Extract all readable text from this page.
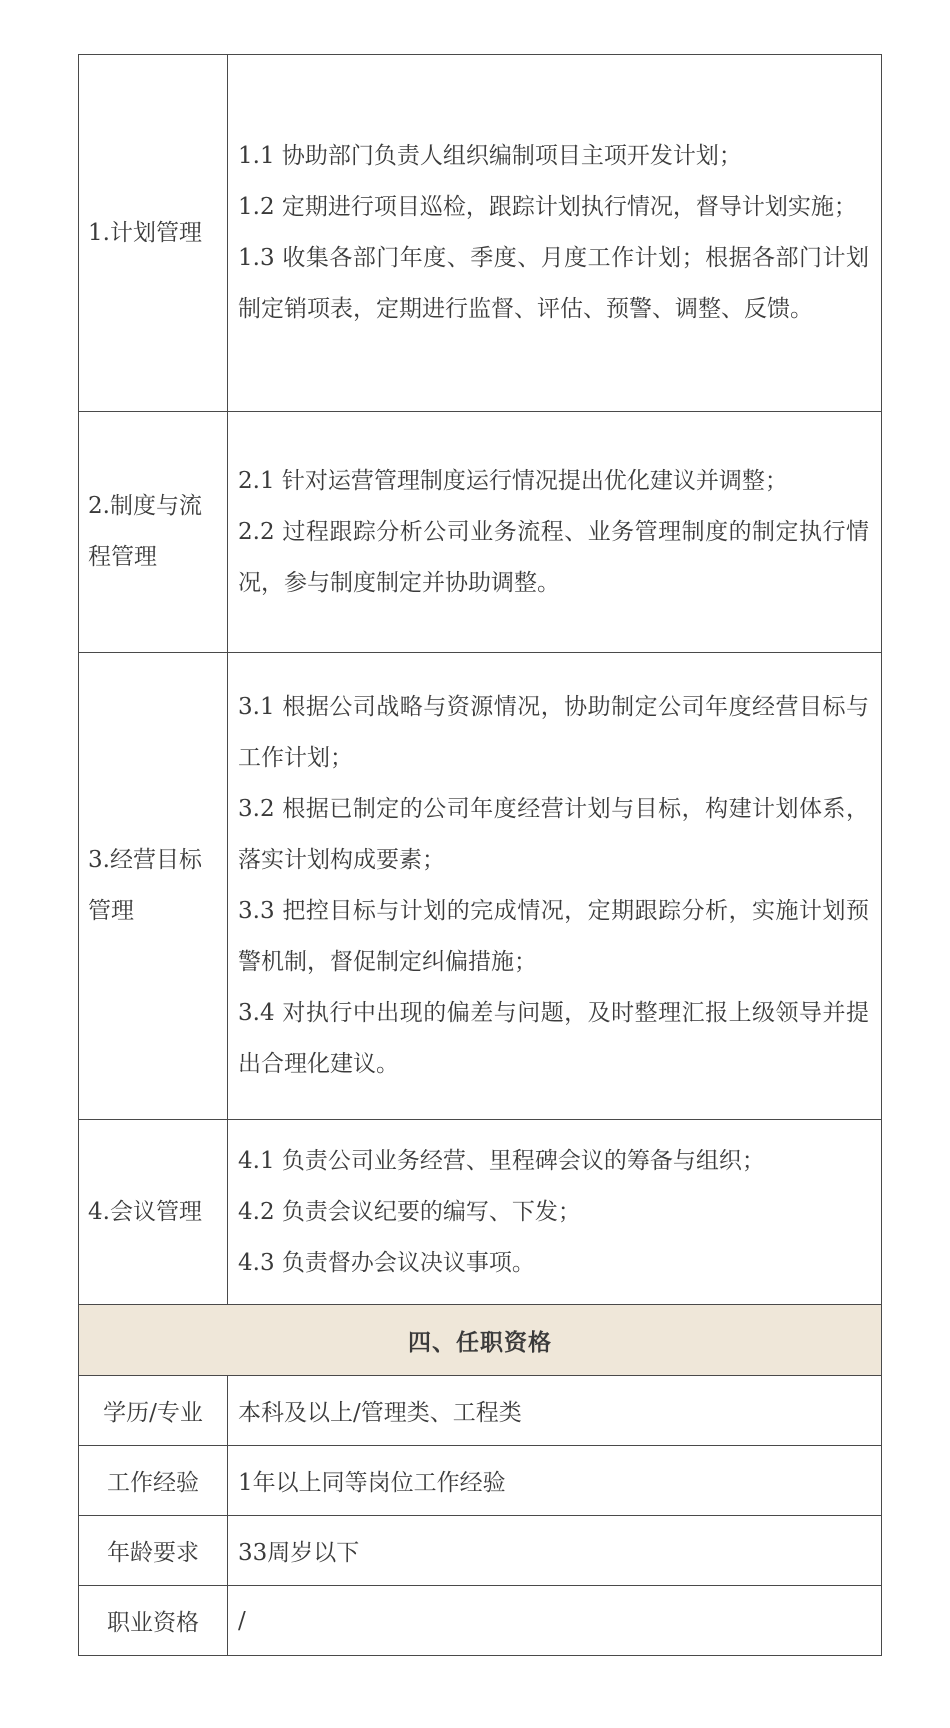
1.计划管理	1.1 协助部门负责人组织编制项目主项开发计划；
1.2 定期进行项目巡检，跟踪计划执行情况，督导计划实施；
1.3 收集各部门年度、季度、月度工作计划；根据各部门计划制定销项表，定期进行监督、评估、预警、调整、反馈。

2.制度与流程管理	2.1 针对运营管理制度运行情况提出优化建议并调整；
2.2 过程跟踪分析公司业务流程、业务管理制度的制定执行情况，参与制度制定并协助调整。

3.经营目标管理	3.1 根据公司战略与资源情况，协助制定公司年度经营目标与工作计划；
3.2 根据已制定的公司年度经营计划与目标，构建计划体系，落实计划构成要素；
3.3 把控目标与计划的完成情况，定期跟踪分析，实施计划预警机制，督促制定纠偏措施；
3.4 对执行中出现的偏差与问题，及时整理汇报上级领导并提出合理化建议。

4.会议管理	4.1 负责公司业务经营、里程碑会议的筹备与组织；
4.2 负责会议纪要的编写、下发；
4.3 负责督办会议决议事项。

四、任职资格	
学历/专业	本科及以上/管理类、工程类
工作经验	1年以上同等岗位工作经验
年龄要求	33周岁以下
职业资格	/
